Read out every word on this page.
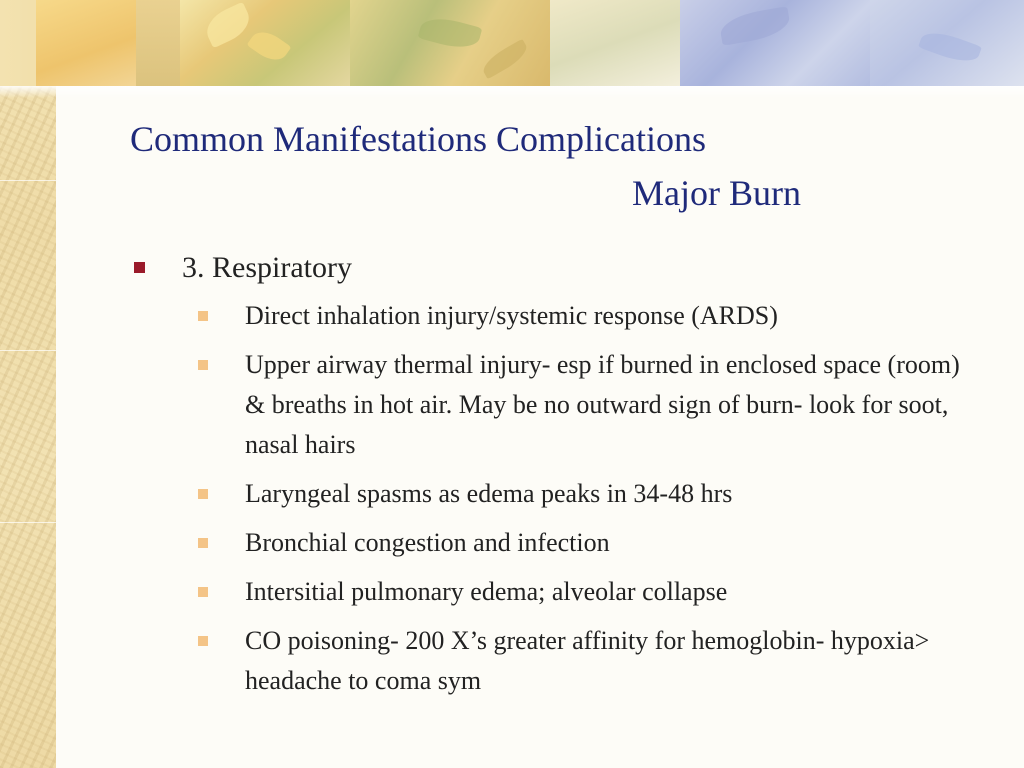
Common Manifestations Complications
Major Burn
3. Respiratory
Direct inhalation injury/systemic response (ARDS)
Upper airway thermal injury- esp if burned in enclosed space (room) & breaths in hot air. May be no outward sign of burn- look for soot, nasal hairs
Laryngeal spasms as edema peaks in 34-48 hrs
Bronchial congestion and infection
Intersitial pulmonary edema; alveolar collapse
CO poisoning- 200 X’s greater affinity for hemoglobin- hypoxia> headache to coma sym
